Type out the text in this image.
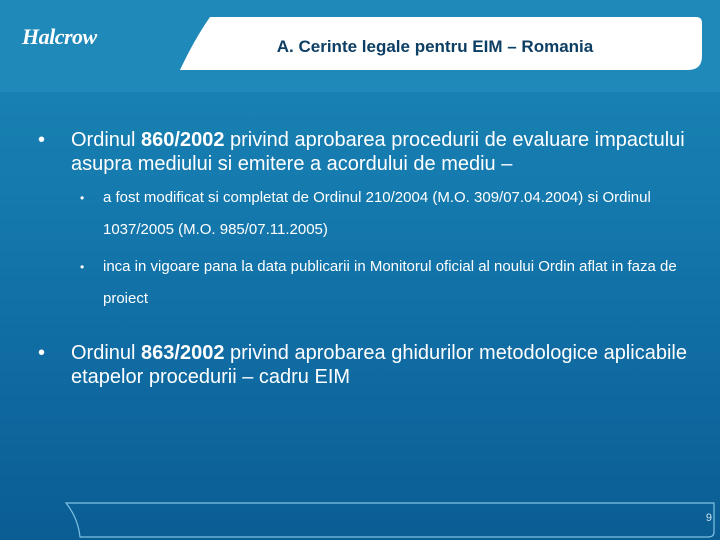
Halcrow	A. Cerinte legale pentru EIM – Romania
• Ordinul 860/2002 privind aprobarea procedurii de evaluare impactului asupra mediului si emitere a acordului de mediu –
• a fost modificat si completat de Ordinul 210/2004 (M.O. 309/07.04.2004) si Ordinul 1037/2005 (M.O. 985/07.11.2005)
• inca in vigoare pana la data publicarii in Monitorul oficial al noului Ordin aflat in faza de proiect
• Ordinul 863/2002 privind aprobarea ghidurilor metodologice aplicabile etapelor procedurii – cadru EIM
9
